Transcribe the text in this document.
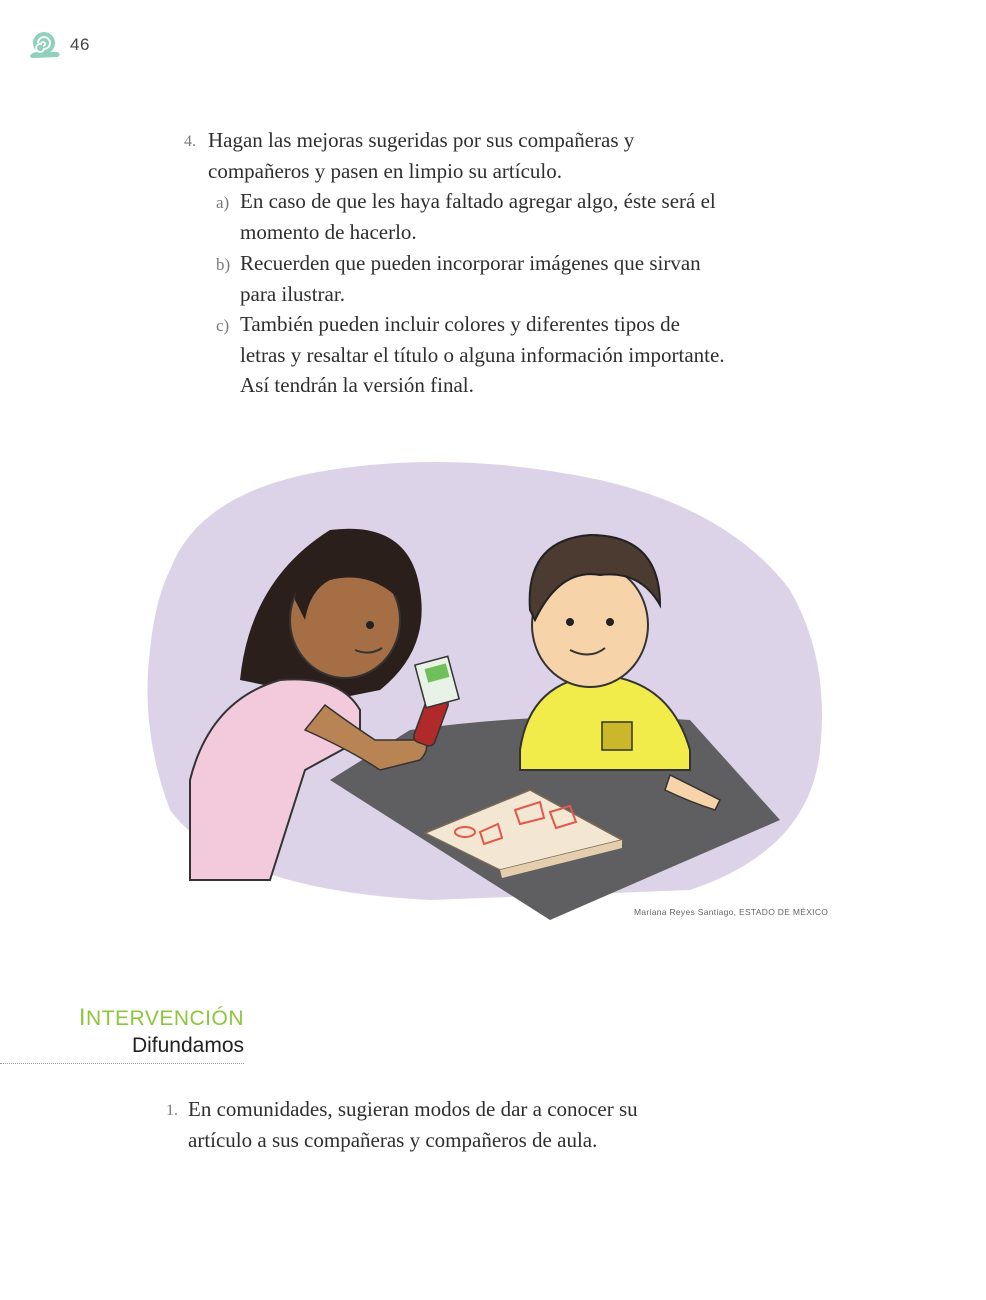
46
4. Hagan las mejoras sugeridas por sus compañeras y
compañeros y pasen en limpio su artículo.
a) En caso de que les haya faltado agregar algo, éste será el
momento de hacerlo.
b) Recuerden que pueden incorporar imágenes que sirvan
para ilustrar.
c) También pueden incluir colores y diferentes tipos de
letras y resaltar el título o alguna información importante.
Así tendrán la versión final.
Mariana Reyes Santiago, ESTADO DE MÉXICO
INTERVENCIÓN
Difundamos
1. En comunidades, sugieran modos de dar a conocer su
artículo a sus compañeras y compañeros de aula.
